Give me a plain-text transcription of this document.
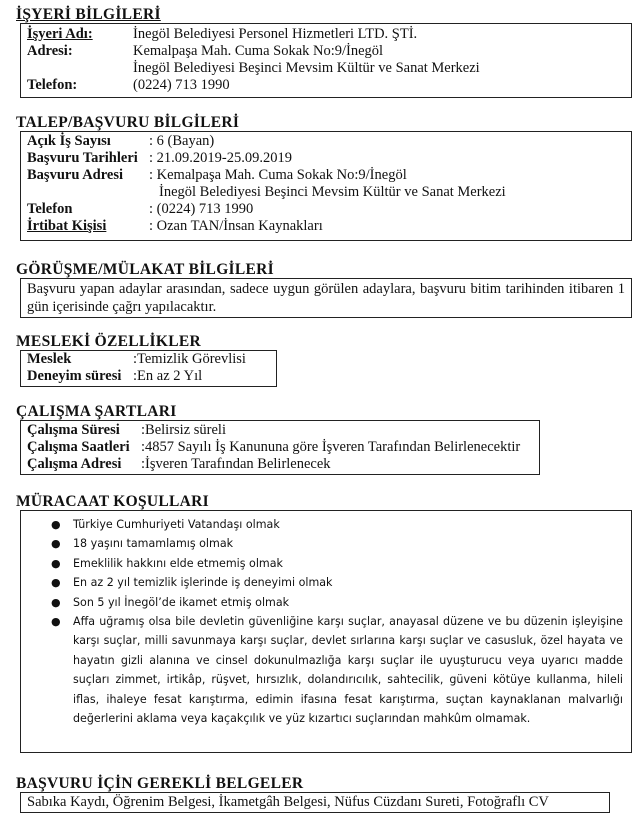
İŞYERİ BİLGİLERİ
İşyeri Adı:	İnegöl Belediyesi Personel Hizmetleri LTD. ŞTİ.
Adresi:	Kemalpaşa Mah. Cuma Sokak No:9/İnegöl
İnegöl Belediyesi Beşinci Mevsim Kültür ve Sanat Merkezi
Telefon:	(0224) 713 1990
TALEP/BAŞVURU BİLGİLERİ
Açık İş Sayısı	: 6 (Bayan)
Başvuru Tarihleri : 21.09.2019-25.09.2019
Başvuru Adresi	: Kemalpaşa Mah. Cuma Sokak No:9/İnegöl
İnegöl Belediyesi Beşinci Mevsim Kültür ve Sanat Merkezi
Telefon	: (0224) 713 1990
İrtibat Kişisi	: Ozan TAN/İnsan Kaynakları
GÖRÜŞME/MÜLAKAT BİLGİLERİ
Başvuru yapan adaylar arasından, sadece uygun görülen adaylara, başvuru bitim tarihinden itibaren 1 gün içerisinde çağrı yapılacaktır.
MESLEKİ ÖZELLİKLER
Meslek	:Temizlik Görevlisi
Deneyim süresi :En az 2 Yıl
ÇALIŞMA ŞARTLARI
Çalışma Süresi	:Belirsiz süreli
Çalışma Saatleri :4857 Sayılı İş Kanununa göre İşveren Tarafından Belirlenecektir
Çalışma Adresi	:İşveren Tarafından Belirlenecek
MÜRACAAT KOŞULLARI
● Türkiye Cumhuriyeti Vatandaşı olmak
● 18 yaşını tamamlamış olmak
● Emeklilik hakkını elde etmemiş olmak
● En az 2 yıl temizlik işlerinde iş deneyimi olmak
● Son 5 yıl İnegöl’de ikamet etmiş olmak
● Affa uğramış olsa bile devletin güvenliğine karşı suçlar, anayasal düzene ve bu düzenin işleyişine karşı suçlar, milli savunmaya karşı suçlar, devlet sırlarına karşı suçlar ve casusluk, özel hayata ve hayatın gizli alanına ve cinsel dokunulmazlığa karşı suçlar ile uyuşturucu veya uyarıcı madde suçları zimmet, irtikâp, rüşvet, hırsızlık, dolandırıcılık, sahtecilik, güveni kötüye kullanma, hileli iflas, ihaleye fesat karıştırma, edimin ifasına fesat karıştırma, suçtan kaynaklanan malvarlığı değerlerini aklama veya kaçakçılık ve yüz kızartıcı suçlarından mahkûm olmamak.
BAŞVURU İÇİN GEREKLİ BELGELER
Sabıka Kaydı, Öğrenim Belgesi, İkametgâh Belgesi, Nüfus Cüzdanı Sureti, Fotoğraflı CV
